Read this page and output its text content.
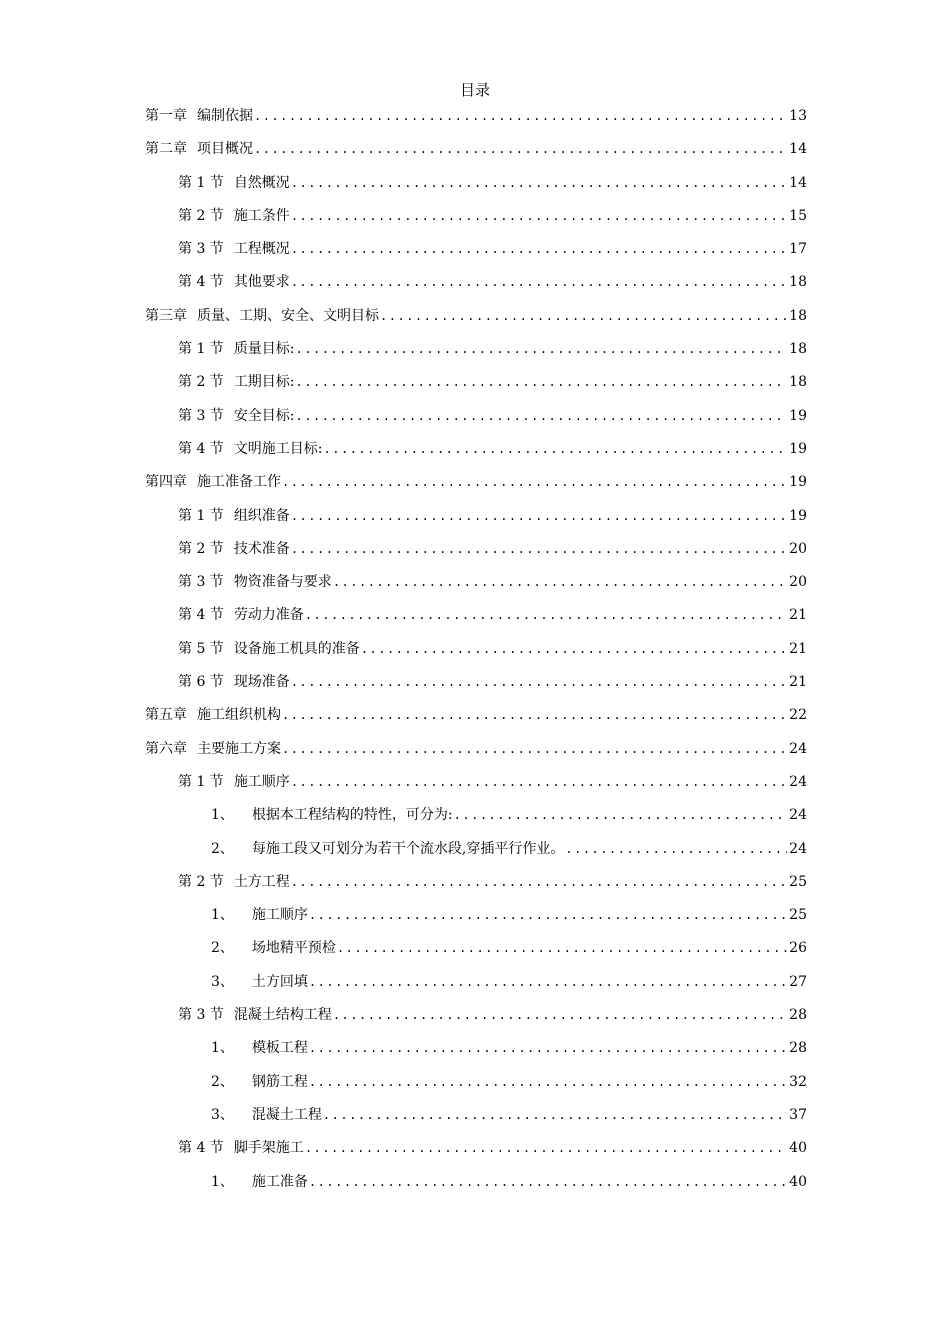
目录
第一章 编制依据 .....	13
第二章 项目概况 .....	14
第 1 节 自然概况 .....	14
第 2 节 施工条件 .....	15
第 3 节 工程概况 .....	17
第 4 节 其他要求 .....	18
第三章 质量、工期、安全、文明目标 .....	18
第 1 节 质量目标: .....	18
第 2 节 工期目标: .....	18
第 3 节 安全目标: .....	19
第 4 节 文明施工目标: .....	19
第四章 施工准备工作 .....	19
第 1 节 组织准备 .....	19
第 2 节 技术准备 .....	20
第 3 节 物资准备与要求 .....	20
第 4 节 劳动力准备 .....	21
第 5 节 设备施工机具的准备 .....	21
第 6 节 现场准备 .....	21
第五章 施工组织机构 .....	22
第六章 主要施工方案 .....	24
第 1 节 施工顺序 .....	24
1、 根据本工程结构的特性，可分为: .....	24
2、 每施工段又可划分为若干个流水段,穿插平行作业。 .....	24
第 2 节 土方工程 .....	25
1、 施工顺序 .....	25
2、 场地精平预检 .....	26
3、 土方回填 .....	27
第 3 节 混凝土结构工程 .....	28
1、 模板工程 .....	28
2、 钢筋工程 .....	32
3、 混凝土工程 .....	37
第 4 节 脚手架施工 .....	40
1、 施工准备 .....	40
